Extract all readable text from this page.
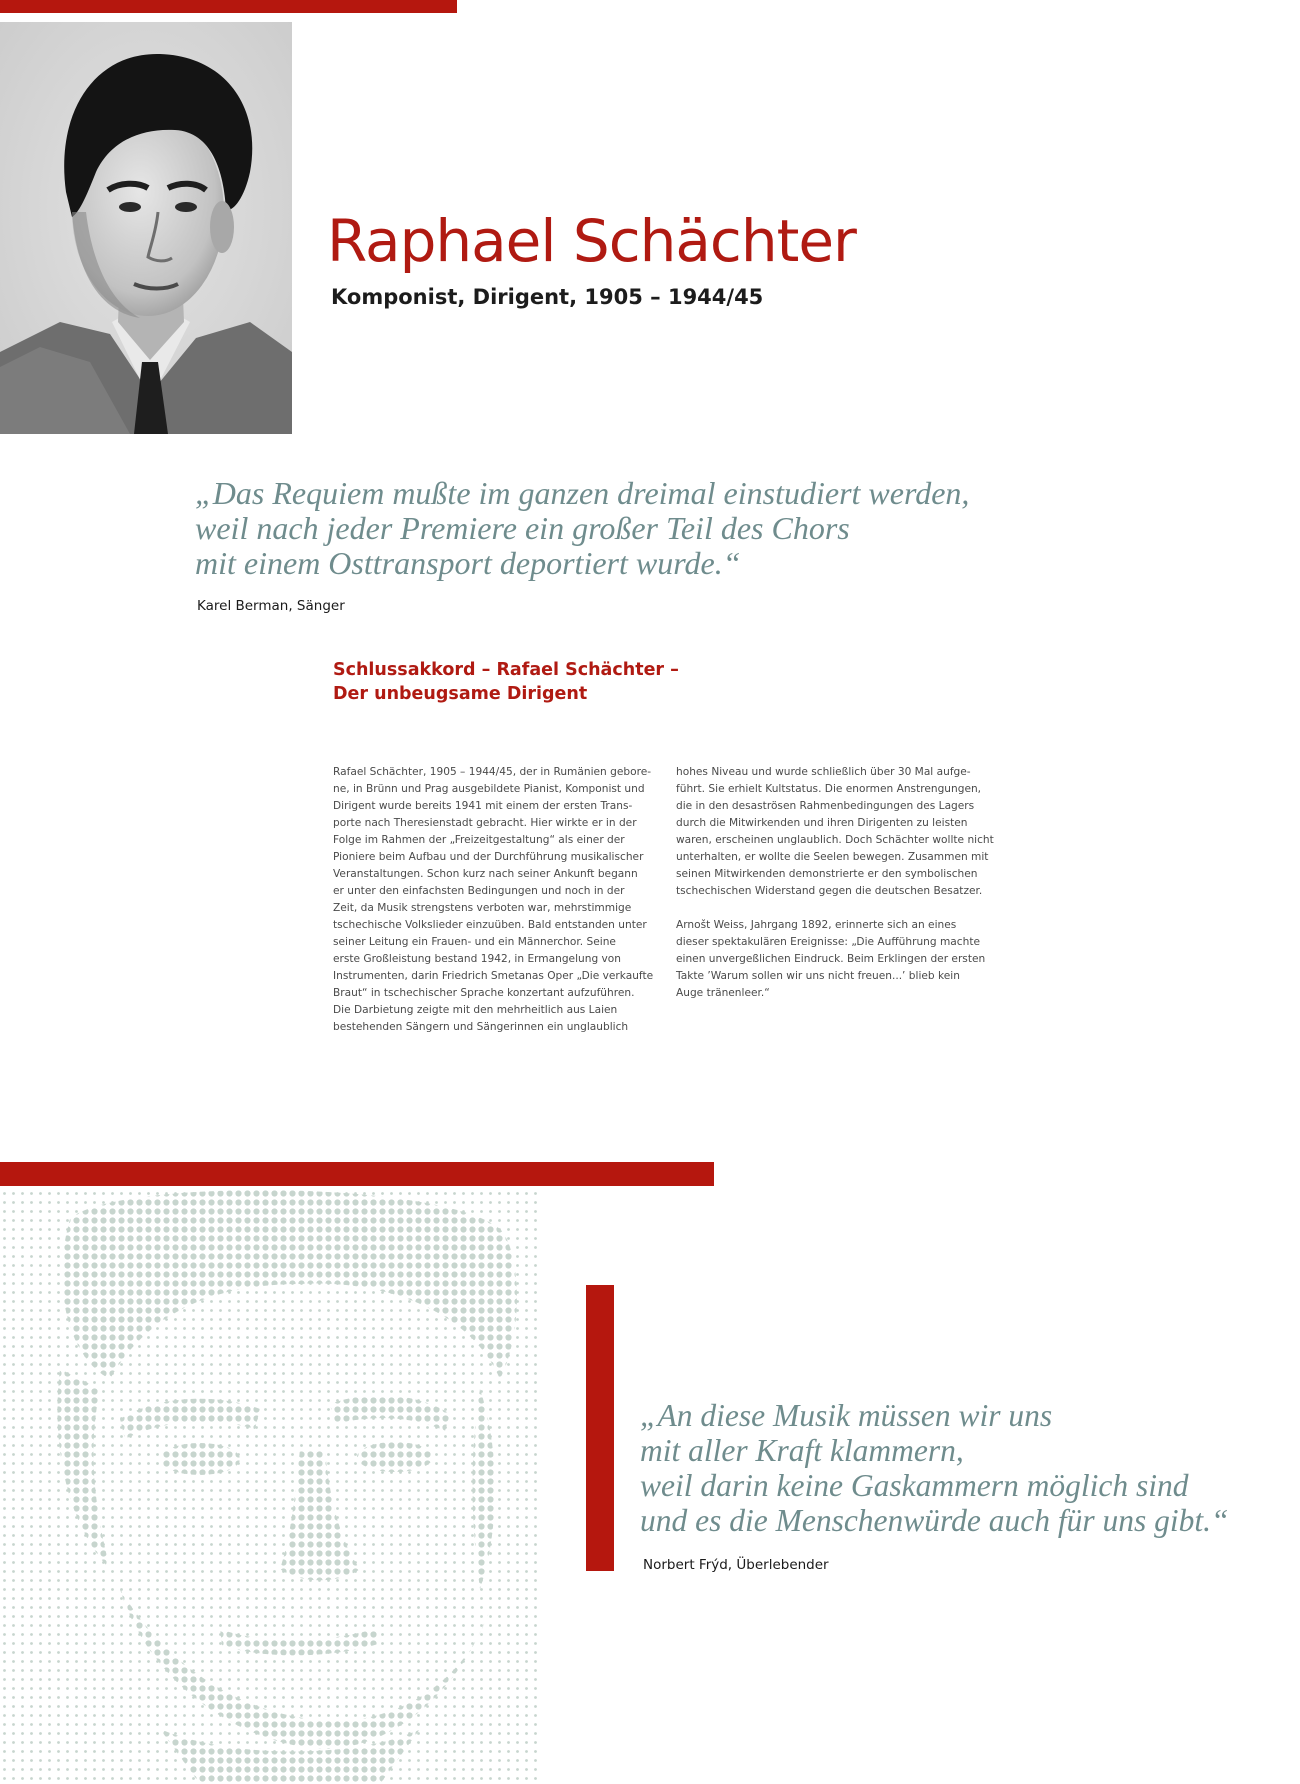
Raphael Schächter
Komponist, Dirigent, 1905 – 1944/45
„Das Requiem mußte im ganzen dreimal einstudiert werden,
weil nach jeder Premiere ein großer Teil des Chors
mit einem Osttransport deportiert wurde.“
Karel Berman, Sänger
Schlussakkord – Rafael Schächter –
Der unbeugsame Dirigent
Rafael Schächter, 1905 – 1944/45, der in Rumänien gebore-
ne, in Brünn und Prag ausgebildete Pianist, Komponist und
Dirigent wurde bereits 1941 mit einem der ersten Trans-
porte nach Theresienstadt gebracht. Hier wirkte er in der
Folge im Rahmen der „Freizeitgestaltung“ als einer der
Pioniere beim Aufbau und der Durchführung musikalischer
Veranstaltungen. Schon kurz nach seiner Ankunft begann
er unter den einfachsten Bedingungen und noch in der
Zeit, da Musik strengstens verboten war, mehrstimmige
tschechische Volkslieder einzuüben. Bald entstanden unter
seiner Leitung ein Frauen- und ein Männerchor. Seine
erste Großleistung bestand 1942, in Ermangelung von
Instrumenten, darin Friedrich Smetanas Oper „Die verkaufte
Braut“ in tschechischer Sprache konzertant aufzuführen.
Die Darbietung zeigte mit den mehrheitlich aus Laien
bestehenden Sängern und Sängerinnen ein unglaublich
hohes Niveau und wurde schließlich über 30 Mal aufge-
führt. Sie erhielt Kultstatus. Die enormen Anstrengungen,
die in den desaströsen Rahmenbedingungen des Lagers
durch die Mitwirkenden und ihren Dirigenten zu leisten
waren, erscheinen unglaublich. Doch Schächter wollte nicht
unterhalten, er wollte die Seelen bewegen. Zusammen mit
seinen Mitwirkenden demonstrierte er den symbolischen
tschechischen Widerstand gegen die deutschen Besatzer.
Arnošt Weiss, Jahrgang 1892, erinnerte sich an eines
dieser spektakulären Ereignisse: „Die Aufführung machte
einen unvergeßlichen Eindruck. Beim Erklingen der ersten
Takte ’Warum sollen wir uns nicht freuen...’ blieb kein
Auge tränenleer.“
„An diese Musik müssen wir uns
mit aller Kraft klammern,
weil darin keine Gaskammern möglich sind
und es die Menschenwürde auch für uns gibt.“
Norbert Frýd, Überlebender
